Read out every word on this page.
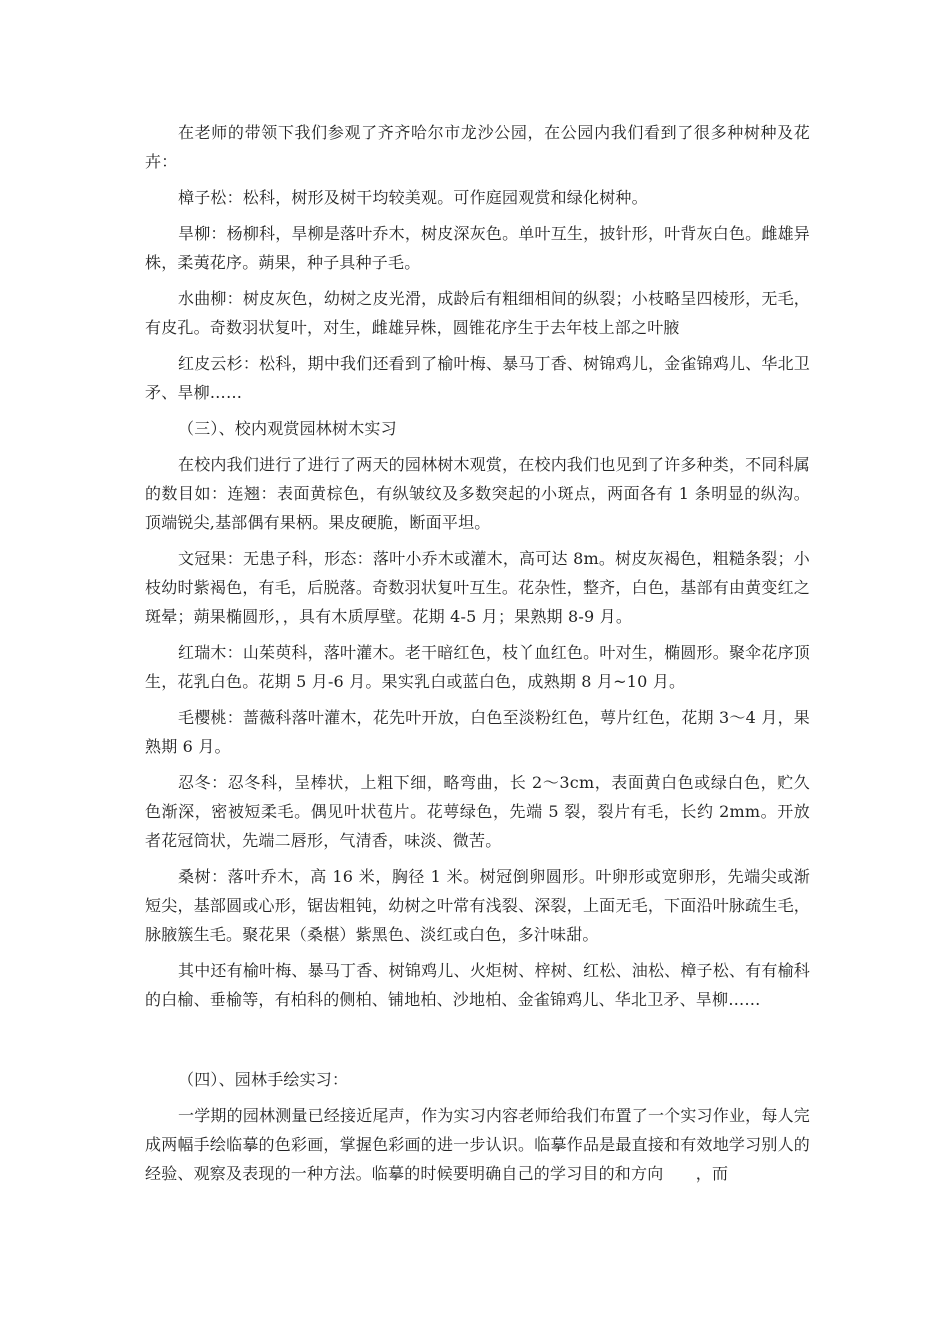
在老师的带领下我们参观了齐齐哈尔市龙沙公园，在公园内我们看到了很多种树种及花卉：

樟子松：松科，树形及树干均较美观。可作庭园观赏和绿化树种。

旱柳：杨柳科，旱柳是落叶乔木，树皮深灰色。单叶互生，披针形，叶背灰白色。雌雄异株，柔荑花序。蒴果，种子具种子毛。

水曲柳：树皮灰色，幼树之皮光滑，成龄后有粗细相间的纵裂；小枝略呈四棱形，无毛，有皮孔。奇数羽状复叶，对生，雌雄异株，圆锥花序生于去年枝上部之叶腋

红皮云杉：松科，期中我们还看到了榆叶梅、暴马丁香、树锦鸡儿，金雀锦鸡儿、华北卫矛、旱柳……

（三）、校内观赏园林树木实习

在校内我们进行了进行了两天的园林树木观赏，在校内我们也见到了许多种类，不同科属的数目如：连翘：表面黄棕色，有纵皱纹及多数突起的小斑点，两面各有 1 条明显的纵沟。顶端锐尖,基部偶有果柄。果皮硬脆，断面平坦。

文冠果：无患子科，形态：落叶小乔木或灌木，高可达 8m。树皮灰褐色，粗糙条裂；小枝幼时紫褐色，有毛，后脱落。奇数羽状复叶互生。花杂性，整齐，白色，基部有由黄变红之斑晕；蒴果椭圆形，，具有木质厚壁。花期 4-5 月；果熟期 8-9 月。

红瑞木：山茱萸科，落叶灌木。老干暗红色，枝丫血红色。叶对生，椭圆形。聚伞花序顶生，花乳白色。花期 5 月-6 月。果实乳白或蓝白色，成熟期 8 月~10 月。

毛樱桃：蔷薇科落叶灌木，花先叶开放，白色至淡粉红色，萼片红色，花期 3～4 月，果熟期 6 月。

忍冬：忍冬科，呈棒状，上粗下细，略弯曲，长 2～3cm，表面黄白色或绿白色，贮久色渐深，密被短柔毛。偶见叶状苞片。花萼绿色，先端 5 裂，裂片有毛，长约 2mm。开放者花冠筒状，先端二唇形，气清香，味淡、微苦。

桑树：落叶乔木，高 16 米，胸径 1 米。树冠倒卵圆形。叶卵形或宽卵形，先端尖或渐短尖，基部圆或心形，锯齿粗钝，幼树之叶常有浅裂、深裂，上面无毛，下面沿叶脉疏生毛，脉腋簇生毛。聚花果（桑椹）紫黑色、淡红或白色，多汁味甜。

其中还有榆叶梅、暴马丁香、树锦鸡儿、火炬树、梓树、红松、油松、樟子松、有有榆科的白榆、垂榆等，有柏科的侧柏、铺地柏、沙地柏、金雀锦鸡儿、华北卫矛、旱柳……

（四）、园林手绘实习：

一学期的园林测量已经接近尾声，作为实习内容老师给我们布置了一个实习作业，每人完成两幅手绘临摹的色彩画，掌握色彩画的进一步认识。临摹作品是最直接和有效地学习别人的经验、观察及表现的一种方法。临摹的时候要明确自己的学习目的和方向　　，而
